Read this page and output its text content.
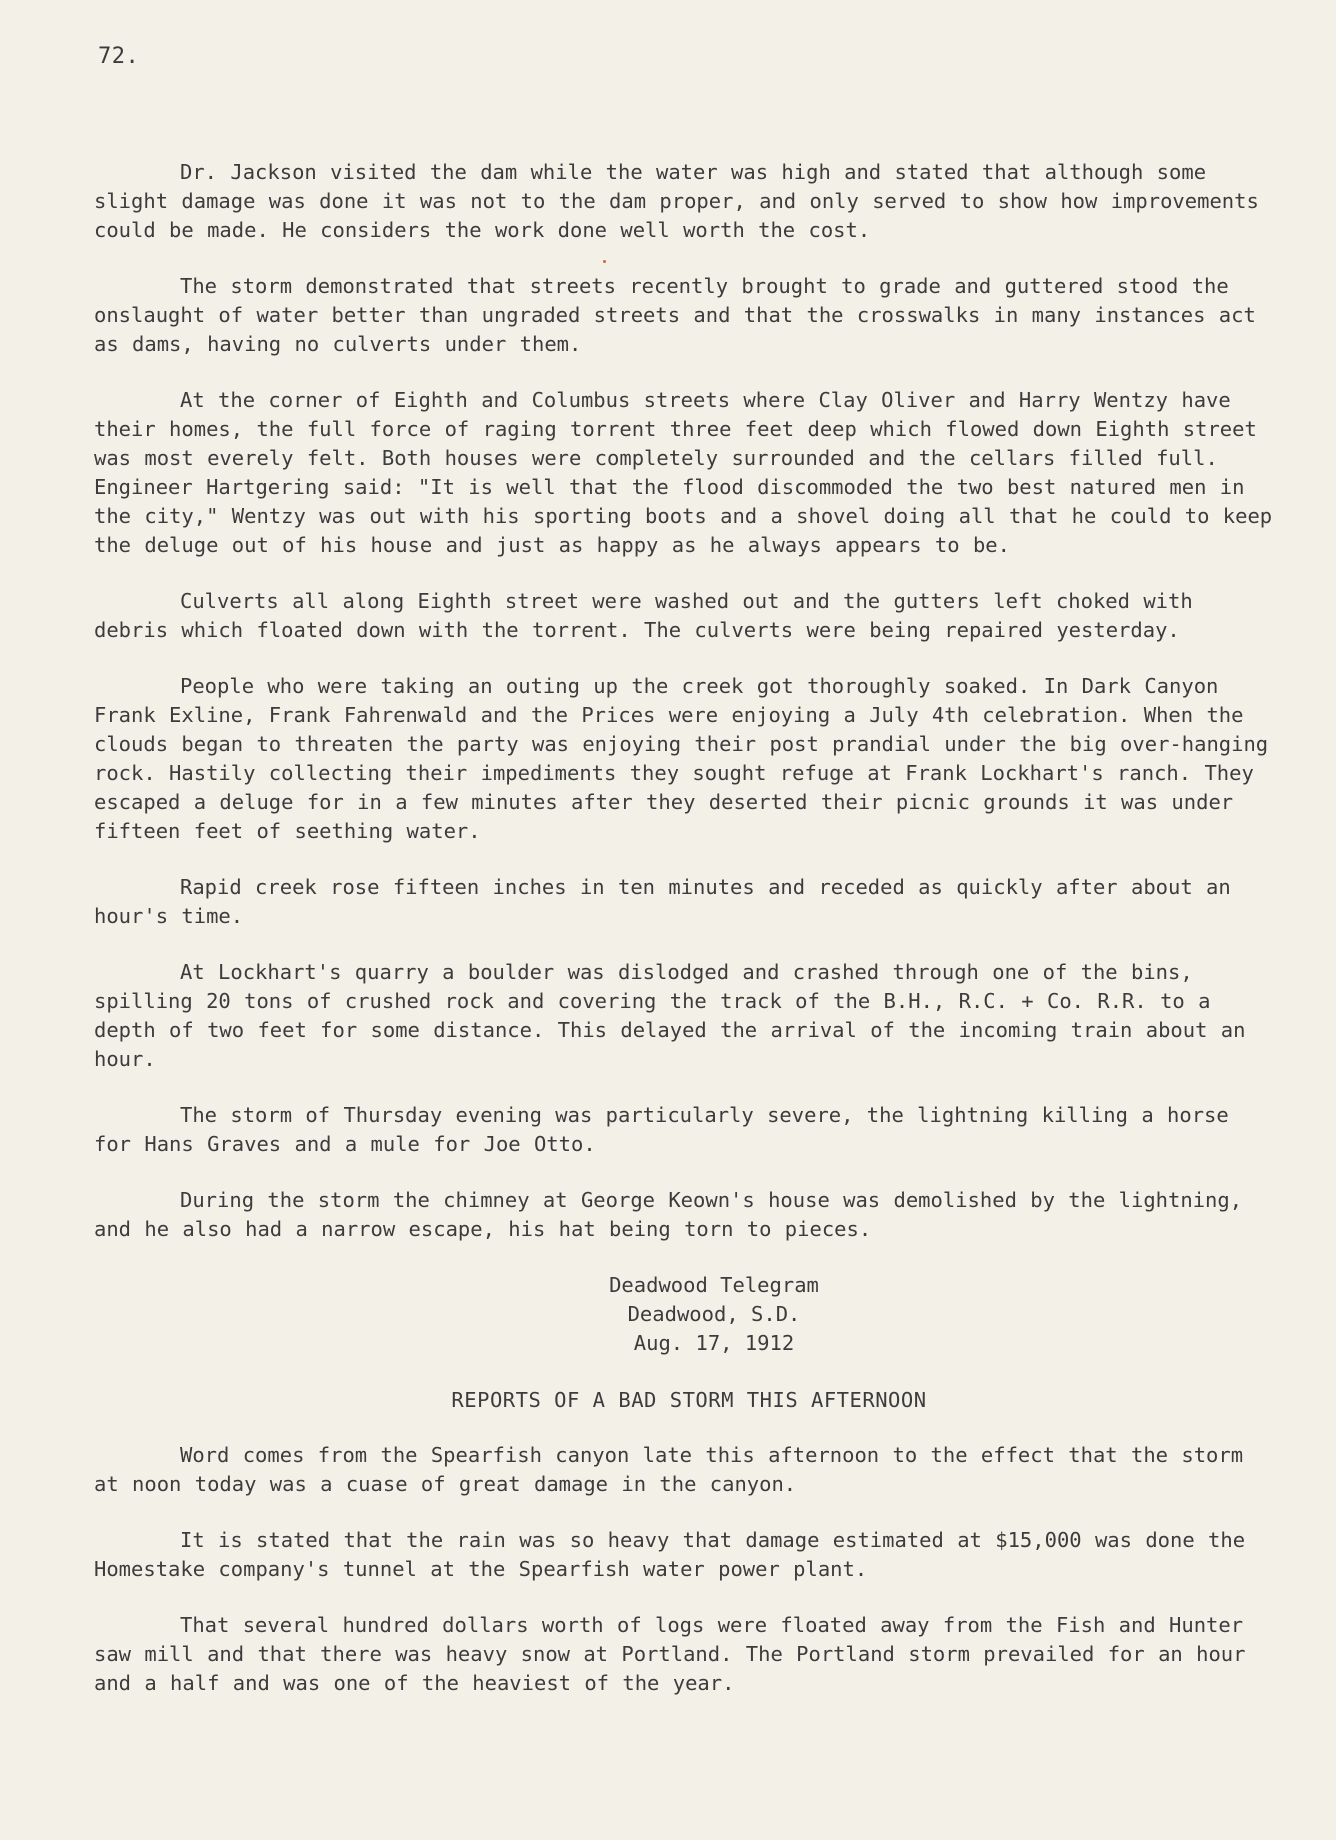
72.

Dr. Jackson visited the dam while the water was high and stated that although some slight damage was done it was not to the dam proper, and only served to show how improvements could be made. He considers the work done well worth the cost.

The storm demonstrated that streets recently brought to grade and guttered stood the onslaught of water better than ungraded streets and that the crosswalks in many instances act as dams, having no culverts under them.

At the corner of Eighth and Columbus streets where Clay Oliver and Harry Wentzy have their homes, the full force of raging torrent three feet deep which flowed down Eighth street was most everely felt. Both houses were completely surrounded and the cellars filled full. Engineer Hartgering said: "It is well that the flood discommoded the two best natured men in the city," Wentzy was out with his sporting boots and a shovel doing all that he could to keep the deluge out of his house and just as happy as he always appears to be.

Culverts all along Eighth street were washed out and the gutters left choked with debris which floated down with the torrent. The culverts were being repaired yesterday.

People who were taking an outing up the creek got thoroughly soaked. In Dark Canyon Frank Exline, Frank Fahrenwald and the Prices were enjoying a July 4th celebration. When the clouds began to threaten the party was enjoying their post prandial under the big over-hanging rock. Hastily collecting their impediments they sought refuge at Frank Lockhart's ranch. They escaped a deluge for in a few minutes after they deserted their picnic grounds it was under fifteen feet of seething water.

Rapid creek rose fifteen inches in ten minutes and receded as quickly after about an hour's time.

At Lockhart's quarry a boulder was dislodged and crashed through one of the bins, spilling 20 tons of crushed rock and covering the track of the B.H., R.C. + Co. R.R. to a depth of two feet for some distance. This delayed the arrival of the incoming train about an hour.

The storm of Thursday evening was particularly severe, the lightning killing a horse for Hans Graves and a mule for Joe Otto.

During the storm the chimney at George Keown's house was demolished by the lightning, and he also had a narrow escape, his hat being torn to pieces.

Deadwood Telegram
Deadwood, S.D.
Aug. 17, 1912
REPORTS OF A BAD STORM THIS AFTERNOON

Word comes from the Spearfish canyon late this afternoon to the effect that the storm at noon today was a cuase of great damage in the canyon.

It is stated that the rain was so heavy that damage estimated at $15,000 was done the Homestake company's tunnel at the Spearfish water power plant.

That several hundred dollars worth of logs were floated away from the Fish and Hunter saw mill and that there was heavy snow at Portland. The Portland storm prevailed for an hour and a half and was one of the heaviest of the year.
